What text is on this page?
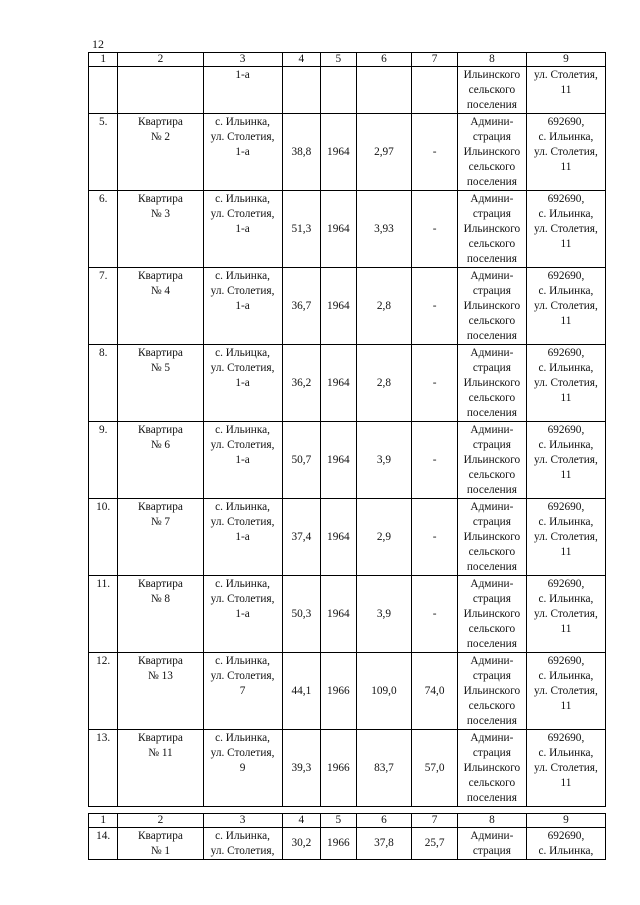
12
1	2	3	4	5	6	7	8	9

		1-а					Ильинского
сельского
поселения	ул. Столетия,
11

5.	Квартира
№ 2	с. Ильинка,
ул. Столетия,
1-а	38,8	1964	2,97	-	Админи-
страция
Ильинского
сельского
поселения	692690,
с. Ильинка,
ул. Столетия,
11

6.	Квартира
№ 3	с. Ильинка,
ул. Столетия,
1-а	51,3	1964	3,93	-	Админи-
страция
Ильинского
сельского
поселения	692690,
с. Ильинка,
ул. Столетия,
11

7.	Квартира
№ 4	с. Ильинка,
ул. Столетия,
1-а	36,7	1964	2,8	-	Админи-
страция
Ильинского
сельского
поселения	692690,
с. Ильинка,
ул. Столетия,
11

8.	Квартира
№ 5	с. Ильицка,
ул. Столетия,
1-а	36,2	1964	2,8	-	Админи-
страция
Ильинского
сельского
поселения	692690,
с. Ильинка,
ул. Столетия,
11

9.	Квартира
№ 6	с. Ильинка,
ул. Столетия,
1-а	50,7	1964	3,9	-	Админи-
страция
Ильинского
сельского
поселения	692690,
с. Ильинка,
ул. Столетия,
11

10.	Квартира
№ 7	с. Ильинка,
ул. Столетия,
1-а	37,4	1964	2,9	-	Админи-
страция
Ильинского
сельского
поселения	692690,
с. Ильинка,
ул. Столетия,
11

11.	Квартира
№ 8	с. Ильинка,
ул. Столетия,
1-а	50,3	1964	3,9	-	Админи-
страция
Ильинского
сельского
поселения	692690,
с. Ильинка,
ул. Столетия,
11

12.	Квартира
№ 13	с. Ильинка,
ул. Столетия,
7	44,1	1966	109,0	74,0	Админи-
страция
Ильинского
сельского
поселения	692690,
с. Ильинка,
ул. Столетия,
11

13.	Квартира
№ 11	с. Ильинка,
ул. Столетия,
9	39,3	1966	83,7	57,0	Админи-
страция
Ильинского
сельского
поселения	692690,
с. Ильинка,
ул. Столетия,
11
1	2	3	4	5	6	7	8	9
14.	Квартира
№ 1	с. Ильинка,
ул. Столетия,	30,2	1966	37,8	25,7	Админи-
страция	692690,
с. Ильинка,
